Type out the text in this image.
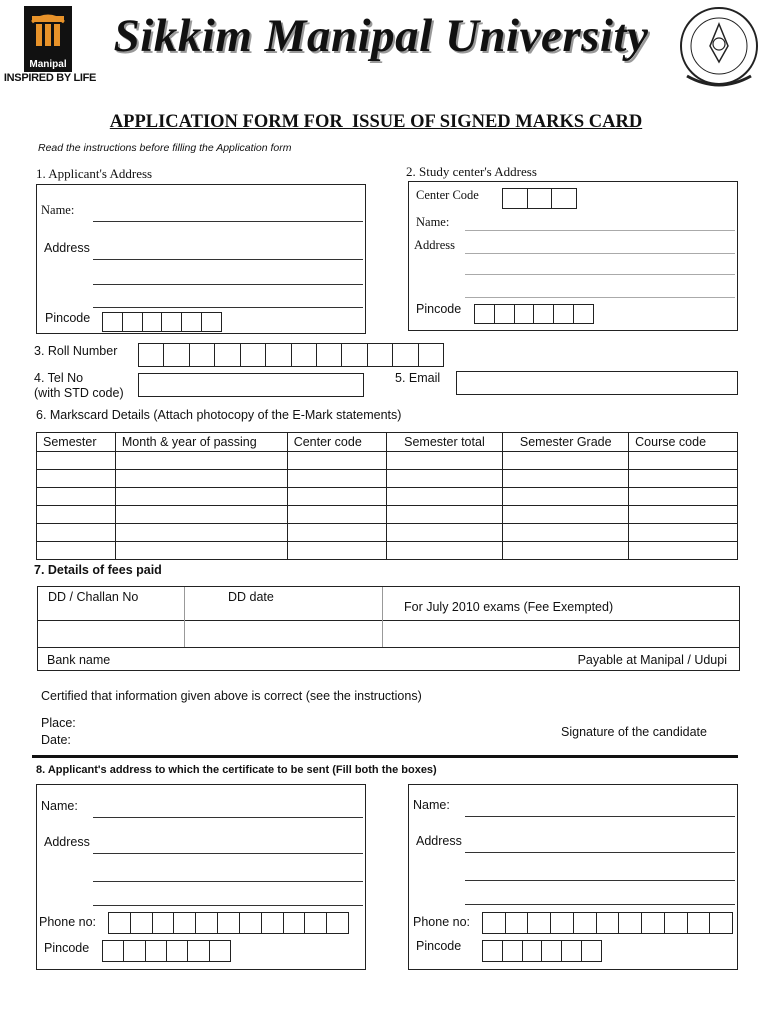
Manipal
INSPIRED BY LIFE
Sikkim Manipal University
APPLICATION FORM FOR  ISSUE OF SIGNED MARKS CARD
Read the instructions before filling the Application form
1. Applicant's Address
Name:
Address
Pincode
2. Study center's Address
Center Code
Name:
Address
Pincode
3. Roll Number
4. Tel No
(with STD code)
5. Email
6. Markscard Details (Attach photocopy of the E-Mark statements)
Semester	Month & year of passing	Center code	Semester total	Semester Grade	Course code

7. Details of fees paid
DD / Challan No	DD date
For July 2010 exams (Fee Exempted)
Bank name	Payable at Manipal / Udupi
Certified that information given above is correct (see the instructions)
Place:
Date:
Signature of the candidate
8. Applicant's address to which the certificate to be sent (Fill both the boxes)
Name:
Address
Phone no:
Pincode
Name:
Address
Phone no:
Pincode
